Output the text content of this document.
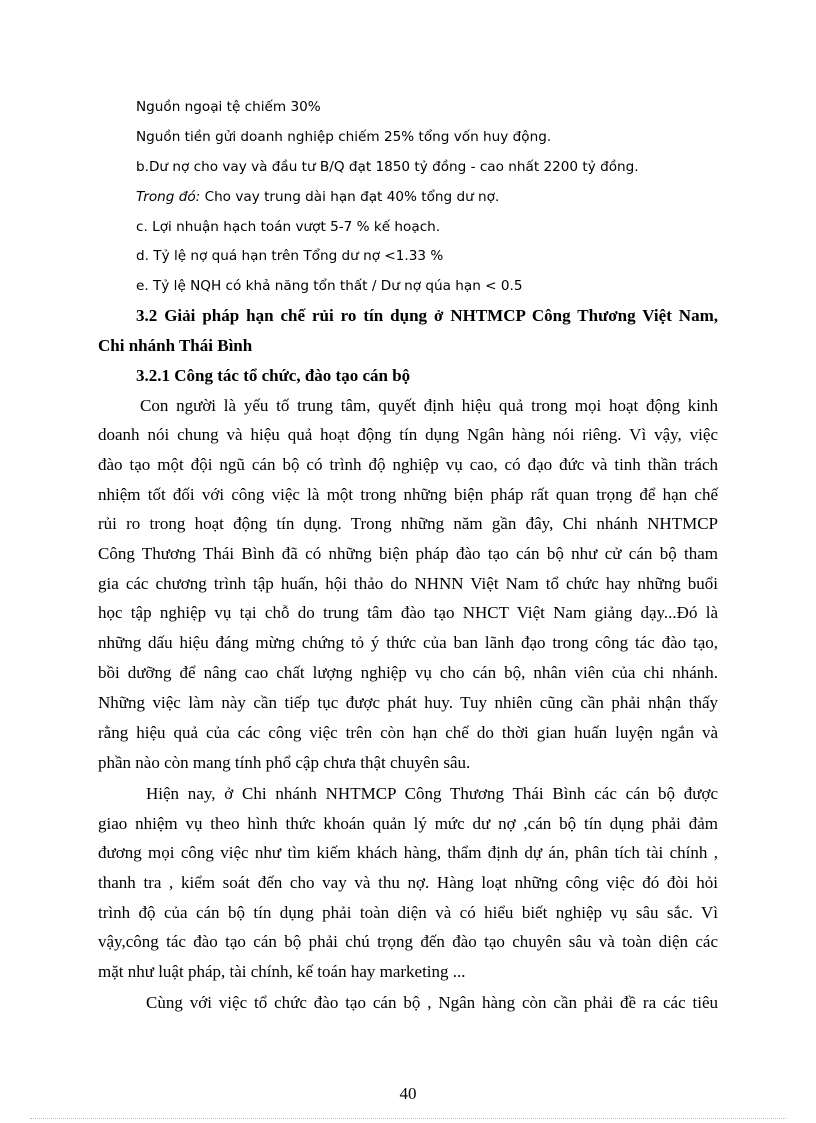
Nguồn ngoại tệ chiếm 30%
Nguồn tiền gửi doanh nghiệp chiếm 25% tổng vốn huy động.
b.Dư nợ cho vay và đầu tư B/Q đạt 1850 tỷ đồng - cao nhất 2200 tỷ đồng.
Trong đó: Cho vay trung dài hạn đạt 40% tổng dư nợ.
c. Lợi nhuận hạch toán vượt 5-7 % kế hoạch.
d. Tỷ lệ nợ quá hạn trên Tổng dư nợ <1.33 %
e. Tỷ lệ NQH có khả năng tổn thất / Dư nợ qúa hạn < 0.5
3.2 Giải pháp hạn chế rủi ro tín dụng ở NHTMCP Công Thương Việt Nam,
Chi nhánh Thái Bình
3.2.1 Công tác tổ chức, đào tạo cán bộ
Con người là yếu tố trung tâm, quyết định hiệu quả trong mọi hoạt động kinh
doanh nói chung và hiệu quả hoạt động tín dụng Ngân hàng nói riêng. Vì vậy, việc
đào tạo một đội ngũ cán bộ có trình độ nghiệp vụ cao, có đạo đức và tinh thần trách
nhiệm tốt đối với công việc là một trong những biện pháp rất quan trọng để hạn chế
rủi ro trong hoạt động tín dụng. Trong những năm gần đây, Chi nhánh NHTMCP
Công Thương Thái Bình đã có những biện pháp đào tạo cán bộ như cử cán bộ tham
gia các chương trình tập huấn, hội thảo do NHNN Việt Nam tổ chức hay những buổi
học tập nghiệp vụ tại chỗ do trung tâm đào tạo NHCT Việt Nam giảng dạy...Đó là
những dấu hiệu đáng mừng chứng tỏ ý thức của ban lãnh đạo trong công tác đào tạo,
bồi dưỡng để nâng cao chất lượng nghiệp vụ cho cán bộ, nhân viên của chi nhánh.
Những việc làm này cần tiếp tục được phát huy. Tuy nhiên cũng cần phải nhận thấy
rằng hiệu quả của các công việc trên còn hạn chế do thời gian huấn luyện ngắn và
phần nào còn mang tính phổ cập chưa thật chuyên sâu.
Hiện nay, ở Chi nhánh NHTMCP Công Thương Thái Bình các cán bộ được
giao nhiệm vụ theo hình thức khoán quản lý mức dư nợ ,cán bộ tín dụng phải đảm
đương mọi công việc như tìm kiếm khách hàng, thẩm định dự án, phân tích tài chính ,
thanh tra , kiểm soát đến cho vay và thu nợ. Hàng loạt những công việc đó đòi hỏi
trình độ của cán bộ tín dụng phải toàn diện và có hiểu biết nghiệp vụ sâu sắc. Vì
vậy,công tác đào tạo cán bộ phải chú trọng đến đào tạo chuyên sâu và toàn diện các
mặt như luật pháp, tài chính, kế toán hay marketing ...
Cùng với việc tổ chức đào tạo cán bộ , Ngân hàng còn cần phải đề ra các tiêu
40
